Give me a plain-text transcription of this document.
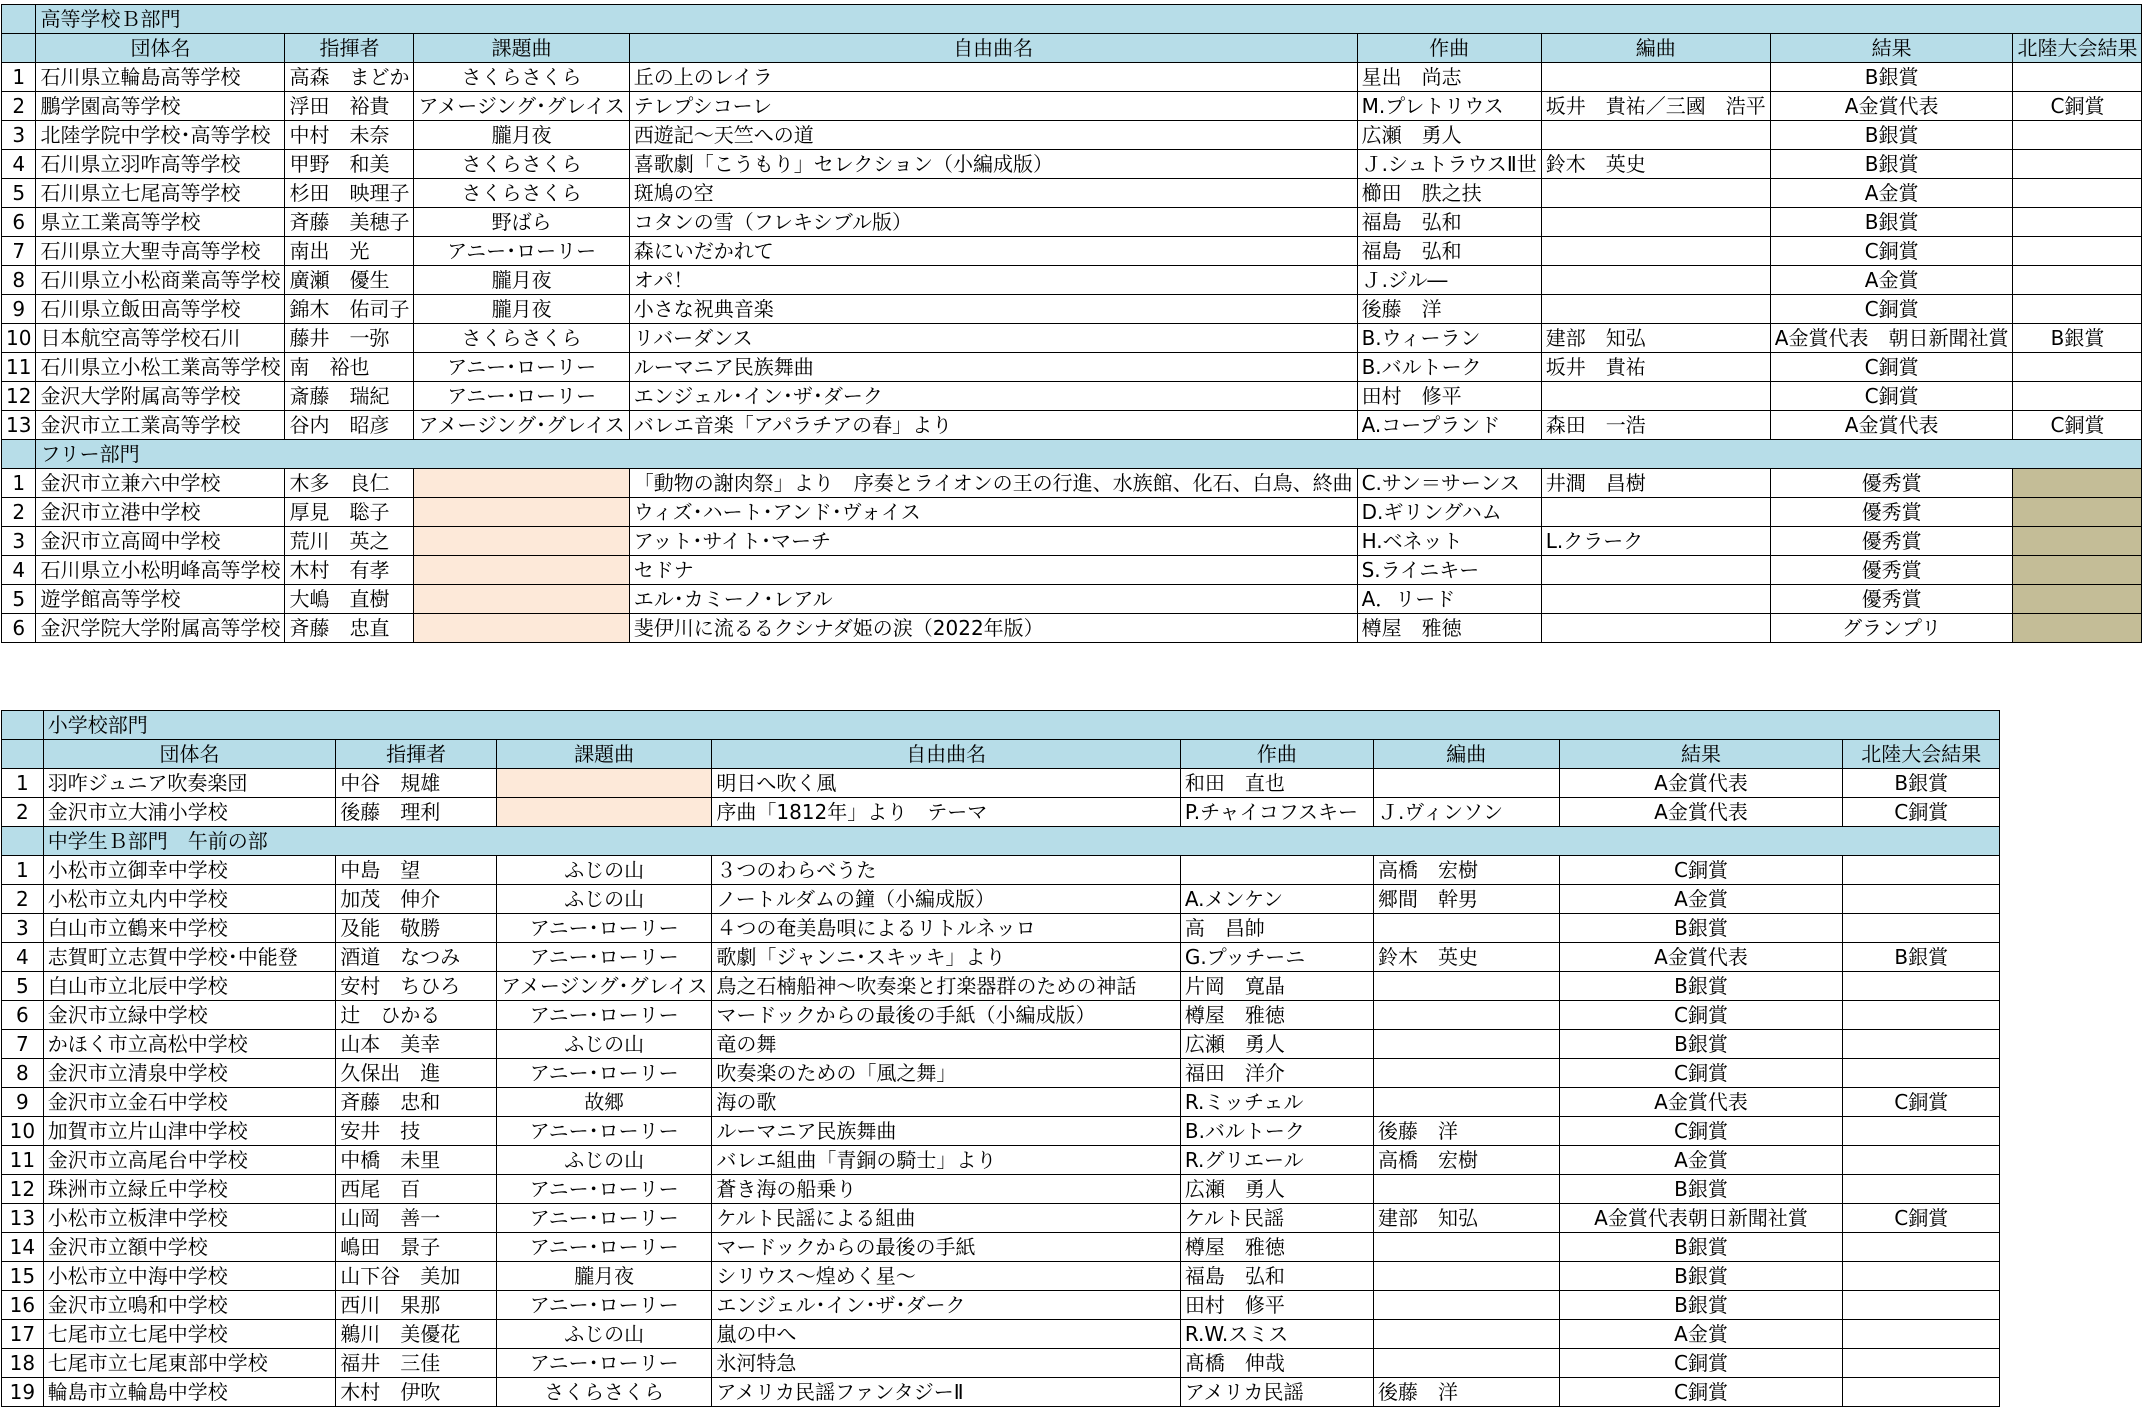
	高等学校Ｂ部門							
	団体名	指揮者	課題曲	自由曲名	作曲	編曲	結果	北陸大会結果
1	石川県立輪島高等学校	高森　まどか	さくらさくら	丘の上のレイラ	星出　尚志		B銀賞	
2	鵬学園高等学校	浮田　裕貴	アメージング･グレイス	テレプシコーレ	M.プレトリウス	坂井　貴祐／三國　浩平	A金賞代表	C銅賞
3	北陸学院中学校･高等学校	中村　未奈	朧月夜	西遊記～天竺への道	広瀬　勇人		B銀賞	
4	石川県立羽咋高等学校	甲野　和美	さくらさくら	喜歌劇「こうもり」セレクション（小編成版）	Ｊ.シュトラウスⅡ世	鈴木　英史	B銀賞	
5	石川県立七尾高等学校	杉田　映理子	さくらさくら	斑鳩の空	櫛田　胅之扶		A金賞	
6	県立工業高等学校	斉藤　美穂子	野ばら	コタンの雪（フレキシブル版）	福島　弘和		B銀賞	
7	石川県立大聖寺高等学校	南出　光	アニー･ローリー	森にいだかれて	福島　弘和		C銅賞	
8	石川県立小松商業高等学校	廣瀬　優生	朧月夜	オパ！	Ｊ.ジル―		A金賞	
9	石川県立飯田高等学校	錦木　佑司子	朧月夜	小さな祝典音楽	後藤　洋		C銅賞	
10	日本航空高等学校石川	藤井　一弥	さくらさくら	リバーダンス	B.ウィーラン	建部　知弘	A金賞代表　朝日新聞社賞	B銀賞
11	石川県立小松工業高等学校	南　裕也	アニー･ローリー	ルーマニア民族舞曲	B.バルトーク	坂井　貴祐	C銅賞	
12	金沢大学附属高等学校	斎藤　瑞紀	アニー･ローリー	エンジェル･イン･ザ･ダーク	田村　修平		C銅賞	
13	金沢市立工業高等学校	谷内　昭彦	アメージング･グレイス	バレエ音楽「アパラチアの春」より	A.コープランド	森田　一浩	A金賞代表	C銅賞
	フリー部門							
1	金沢市立兼六中学校	木多　良仁		「動物の謝肉祭」より　序奏とライオンの王の行進、水族館、化石、白鳥、終曲	C.サン＝サーンス	井澗　昌樹	優秀賞	
2	金沢市立港中学校	厚見　聡子		ウィズ･ハート･アンド･ヴォイス	D.ギリングハム		優秀賞	
3	金沢市立高岡中学校	荒川　英之		アット･サイト･マーチ	H.ベネット	L.クラーク	優秀賞	
4	石川県立小松明峰高等学校	木村　有孝		セドナ	S.ライニキー		優秀賞	
5	遊学館高等学校	大嶋　直樹		エル･カミーノ･レアル	A．リード		優秀賞	
6	金沢学院大学附属高等学校	斉藤　忠直		斐伊川に流るるクシナダ姫の涙（2022年版）	樽屋　雅徳		グランプリ	
	小学校部門							
	団体名	指揮者	課題曲	自由曲名	作曲	編曲	結果	北陸大会結果
1	羽咋ジュニア吹奏楽団	中谷　規雄		明日へ吹く風	和田　直也		A金賞代表	B銀賞
2	金沢市立大浦小学校	後藤　理利		序曲「1812年」より　テーマ	P.チャイコフスキー	Ｊ.ヴィンソン	A金賞代表	C銅賞
	中学生Ｂ部門　午前の部							
1	小松市立御幸中学校	中島　望	ふじの山	３つのわらべうた		高橋　宏樹	C銅賞	
2	小松市立丸内中学校	加茂　伸介	ふじの山	ノートルダムの鐘（小編成版）	A.メンケン	郷間　幹男	A金賞	
3	白山市立鶴来中学校	及能　敬勝	アニー･ローリー	４つの奄美島唄によるリトルネッロ	高　昌帥		B銀賞	
4	志賀町立志賀中学校･中能登	酒道　なつみ	アニー･ローリー	歌劇「ジャンニ･スキッキ」より	G.プッチーニ	鈴木　英史	A金賞代表	B銀賞
5	白山市立北辰中学校	安村　ちひろ	アメージング･グレイス	鳥之石楠船神～吹奏楽と打楽器群のための神話	片岡　寛晶		B銀賞	
6	金沢市立緑中学校	辻　ひかる	アニー･ローリー	マードックからの最後の手紙（小編成版）	樽屋　雅徳		C銅賞	
7	かほく市立高松中学校	山本　美幸	ふじの山	竜の舞	広瀬　勇人		B銀賞	
8	金沢市立清泉中学校	久保出　進	アニー･ローリー	吹奏楽のための「風之舞」	福田　洋介		C銅賞	
9	金沢市立金石中学校	斉藤　忠和	故郷	海の歌	R.ミッチェル		A金賞代表	C銅賞
10	加賀市立片山津中学校	安井　技	アニー･ローリー	ルーマニア民族舞曲	B.バルトーク	後藤　洋	C銅賞	
11	金沢市立高尾台中学校	中橋　未里	ふじの山	バレエ組曲「青銅の騎士」より	R.グリエール	高橋　宏樹	A金賞	
12	珠洲市立緑丘中学校	西尾　百	アニー･ローリー	蒼き海の船乗り	広瀬　勇人		B銀賞	
13	小松市立板津中学校	山岡　善一	アニー･ローリー	ケルト民謡による組曲	ケルト民謡	建部　知弘	A金賞代表朝日新聞社賞	C銅賞
14	金沢市立額中学校	嶋田　景子	アニー･ローリー	マードックからの最後の手紙	樽屋　雅徳		B銀賞	
15	小松市立中海中学校	山下谷　美加	朧月夜	シリウス～煌めく星～	福島　弘和		B銀賞	
16	金沢市立鳴和中学校	西川　果那	アニー･ローリー	エンジェル･イン･ザ･ダーク	田村　修平		B銀賞	
17	七尾市立七尾中学校	鵜川　美優花	ふじの山	嵐の中へ	R.W.スミス		A金賞	
18	七尾市立七尾東部中学校	福井　三佳	アニー･ローリー	氷河特急	髙橋　伸哉		C銅賞	
19	輪島市立輪島中学校	木村　伊吹	さくらさくら	アメリカ民謡ファンタジーⅡ	アメリカ民謡	後藤　洋	C銅賞	
